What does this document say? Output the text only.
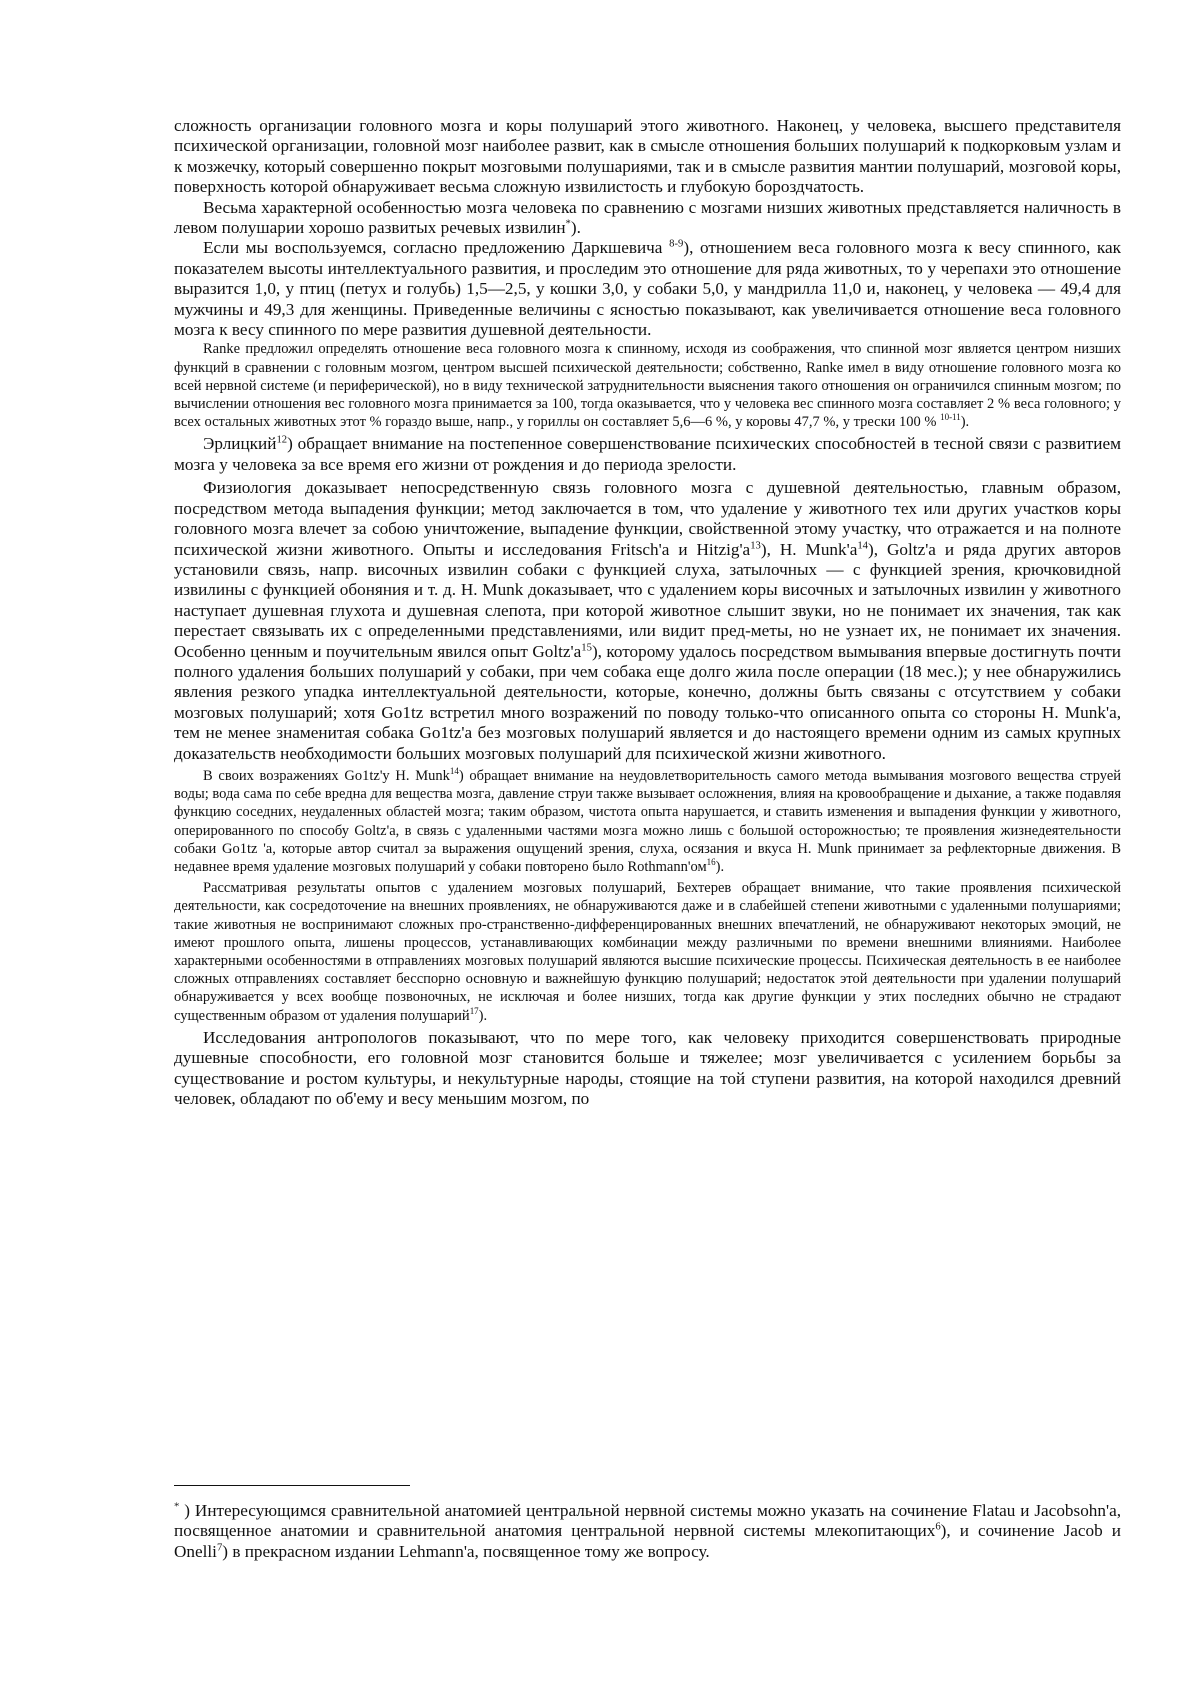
сложность организации головного мозга и коры полушарий этого животного. Наконец, у человека, высшего представителя психической организации, головной мозг наиболее развит, как в смысле отношения больших полушарий к подкорковым узлам и к мозжечку, который совершенно покрыт мозговыми полушариями, так и в смысле развития мантии полушарий, мозговой коры, поверхность которой обнаруживает весьма сложную извилистость и глубокую бороздчатость.

Весьма характерной особенностью мозга человека по сравнению с мозгами низших животных представляется наличность в левом полушарии хорошо развитых речевых извилин*).

Если мы воспользуемся, согласно предложению Даркшевича $^{8-9}$), отношением веса головного мозга к весу спинного, как показателем высоты интеллектуального развития, и проследим это отношение для ряда животных, то у черепахи это отношение выразится 1,0, у птиц (петух и голубь) 1,5—2,5, у кошки 3,0, у собаки 5,0, у мандрилла 11,0 и, наконец, у человека — 49,4 для мужчины и 49,3 для женщины. Приведенные величины с ясностью показывают, как увеличивается отношение веса головного мозга к весу спинного по мере развития душевной деятельности.

Ranke предложил определять отношение веса головного мозга к спинному, исходя из соображения, что спинной мозг является центром низших функций в сравнении с головным мозгом, центром высшей психической деятельности; собственно, Ranke имел в виду отношение головного мозга ко всей нервной системе (и периферической), но в виду технической затруднительности выяснения такого отношения он ограничился спинным мозгом; по вычислении отношения вес головного мозга принимается за 100, тогда оказывается, что у человека вес спинного мозга составляет 2 % веса головного; у всех остальных животных этот % гораздо выше, напр., у гориллы он составляет 5,6—6 %, у коровы 47,7 %, у трески 100 % $^{10-11}$).

Эрлицкий$^{12}$) обращает внимание на постепенное совершенствование психических способностей в тесной связи с развитием мозга у человека за все время его жизни от рождения и до периода зрелости.

Физиология доказывает непосредственную связь головного мозга с душевной деятельностью, главным образом, посредством метода выпадения функции; метод заключается в том, что удаление у животного тех или других участков коры головного мозга влечет за собою уничтожение, выпадение функции, свойственной этому участку, что отражается и на полноте психической жизни животного. Опыты и исследования Fritsch'а и $Hitzig'а^{13}$), H. $Munk'а^{14}$), Goltz'а и ряда других авторов установили связь, напр. височных извилин собаки с функцией слуха, затылочных — с функцией зрения, крючковидной извилины с функцией обоняния и т. д. H. Munk доказывает, что с удалением коры височных и затылочных извилин у животного наступает душевная глухота и душевная слепота, при которой животное слышит звуки, но не понимает их значения, так как перестает связывать их с определенными представлениями, или видит пред-меты, но не узнает их, не понимает их значения. Особенно ценным и поучительным явился опыт $Goltz'а^{15}$), которому удалось посредством вымывания впервые достигнуть почти полного удаления больших полушарий у собаки, при чем собака еще долго жила после операции (18 мес.); у нее обнаружились явления резкого упадка интеллектуальной деятельности, которые, конечно, должны быть связаны с отсутствием у собаки мозговых полушарий; хотя Go1tz встретил много возражений по поводу только-что описанного опыта со стороны H. Munk'а, тем не менее знаменитая собака Go1tz'а без мозговых полушарий является и до настоящего времени одним из самых крупных доказательств необходимости больших мозговых полушарий для психической жизни животного.

В своих возражениях Go1tz'у H. Munk$^{14}$) обращает внимание на неудовлетворительность самого метода вымывания мозгового вещества струей воды; вода сама по себе вредна для вещества мозга, давление струи также вызывает осложнения, влияя на кровообращение и дыхание, а также подавляя функцию соседних, неудаленных областей мозга; таким образом, чистота опыта нарушается, и ставить изменения и выпадения функции у животного, оперированного по способу Goltz'а, в связь с удаленными частями мозга можно лишь с большой осторожностью; те проявления жизнедеятельности собаки Go1tz 'а, которые автор считал за выражения ощущений зрения, слуха, осязания и вкуса H. Munk принимает за рефлекторные движения. В недавнее время удаление мозговых полушарий у собаки повторено было $Rothmann'ом^{16}$).

Рассматривая результаты опытов с удалением мозговых полушарий, Бехтерев обращает внимание, что такие проявления психической деятельности, как сосредоточение на внешних проявлениях, не обнаруживаются даже и в слабейшей степени животными с удаленными полушариями; такие животныя не воспринимают сложных про-странственно-дифференцированных внешних впечатлений, не обнаруживают некоторых эмоций, не имеют прошлого опыта, лишены процессов, устанавливающих комбинации между различными по времени внешними влияниями. Наиболее характерными особенностями в отправлениях мозговых полушарий являются высшие психические процессы. Психическая деятельность в ее наиболее сложных отправлениях составляет бесспорно основную и важнейшую функцию полушарий; недостаток этой деятельности при удалении полушарий обнаруживается у всех вообще позвоночных, не исключая и более низших, тогда как другие функции у этих последних обычно не страдают существенным образом от удаления полушарий$^{17}$).

Исследования антропологов показывают, что по мере того, как человеку приходится совершенствовать природные душевные способности, его головной мозг становится больше и тяжелее; мозг увеличивается с усилением борьбы за существование и ростом культуры, и некультурные народы, стоящие на той ступени развития, на которой находился древний человек, обладают по об'ему и весу меньшим мозгом, по

* ) Интересующимся сравнительной анатомией центральной нервной системы можно указать на сочинение Flatau и Jacobsohn'а, посвященное анатомии и сравнительной анатомия центральной нервной системы млекопитающих$^6$), и сочинение Jacob и Onelli$^7$) в прекрасном издании Lehmann'а, посвященное тому же вопросу.
